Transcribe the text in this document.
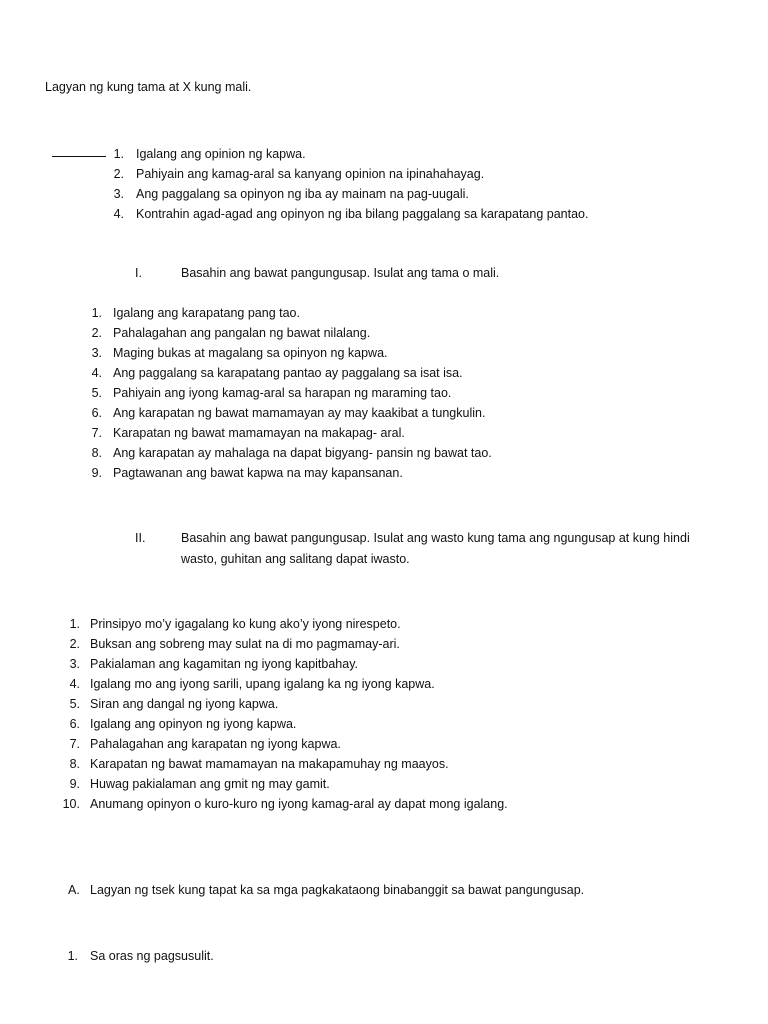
Lagyan ng kung tama at X kung mali.
1. Igalang ang opinion ng kapwa.
2. Pahiyain ang kamag-aral sa kanyang opinion na ipinahahayag.
3. Ang paggalang sa opinyon ng iba ay mainam na pag-uugali.
4. Kontrahin agad-agad ang opinyon ng iba bilang paggalang sa karapatang pantao.
I.	Basahin ang bawat pangungusap. Isulat ang tama o mali.
1. Igalang ang karapatang pang tao.
2. Pahalagahan ang pangalan ng bawat nilalang.
3. Maging bukas at magalang sa opinyon ng kapwa.
4. Ang paggalang sa karapatang pantao ay paggalang sa isat isa.
5. Pahiyain ang iyong kamag-aral sa harapan ng maraming tao.
6. Ang karapatan ng bawat mamamayan ay may kaakibat a tungkulin.
7. Karapatan ng bawat mamamayan na makapag- aral.
8. Ang karapatan ay mahalaga na dapat bigyang- pansin ng bawat tao.
9. Pagtawanan ang bawat kapwa na may kapansanan.
II.	Basahin ang bawat pangungusap. Isulat ang wasto kung tama ang ngungusap at kung hindi
wasto, guhitan ang salitang dapat iwasto.
1. Prinsipyo mo’y igagalang ko kung ako’y iyong nirespeto.
2. Buksan ang sobreng may sulat na di mo pagmamay-ari.
3. Pakialaman ang kagamitan ng iyong kapitbahay.
4. Igalang mo ang iyong sarili, upang igalang ka ng iyong kapwa.
5. Siran ang dangal ng iyong kapwa.
6. Igalang ang opinyon ng iyong kapwa.
7. Pahalagahan ang karapatan ng iyong kapwa.
8. Karapatan ng bawat mamamayan na makapamuhay ng maayos.
9. Huwag pakialaman ang gmit ng may gamit.
10. Anumang opinyon o kuro-kuro ng iyong kamag-aral ay dapat mong igalang.
A. Lagyan ng tsek kung tapat ka sa mga pagkakataong binabanggit sa bawat pangungusap.
1. Sa oras ng pagsusulit.
